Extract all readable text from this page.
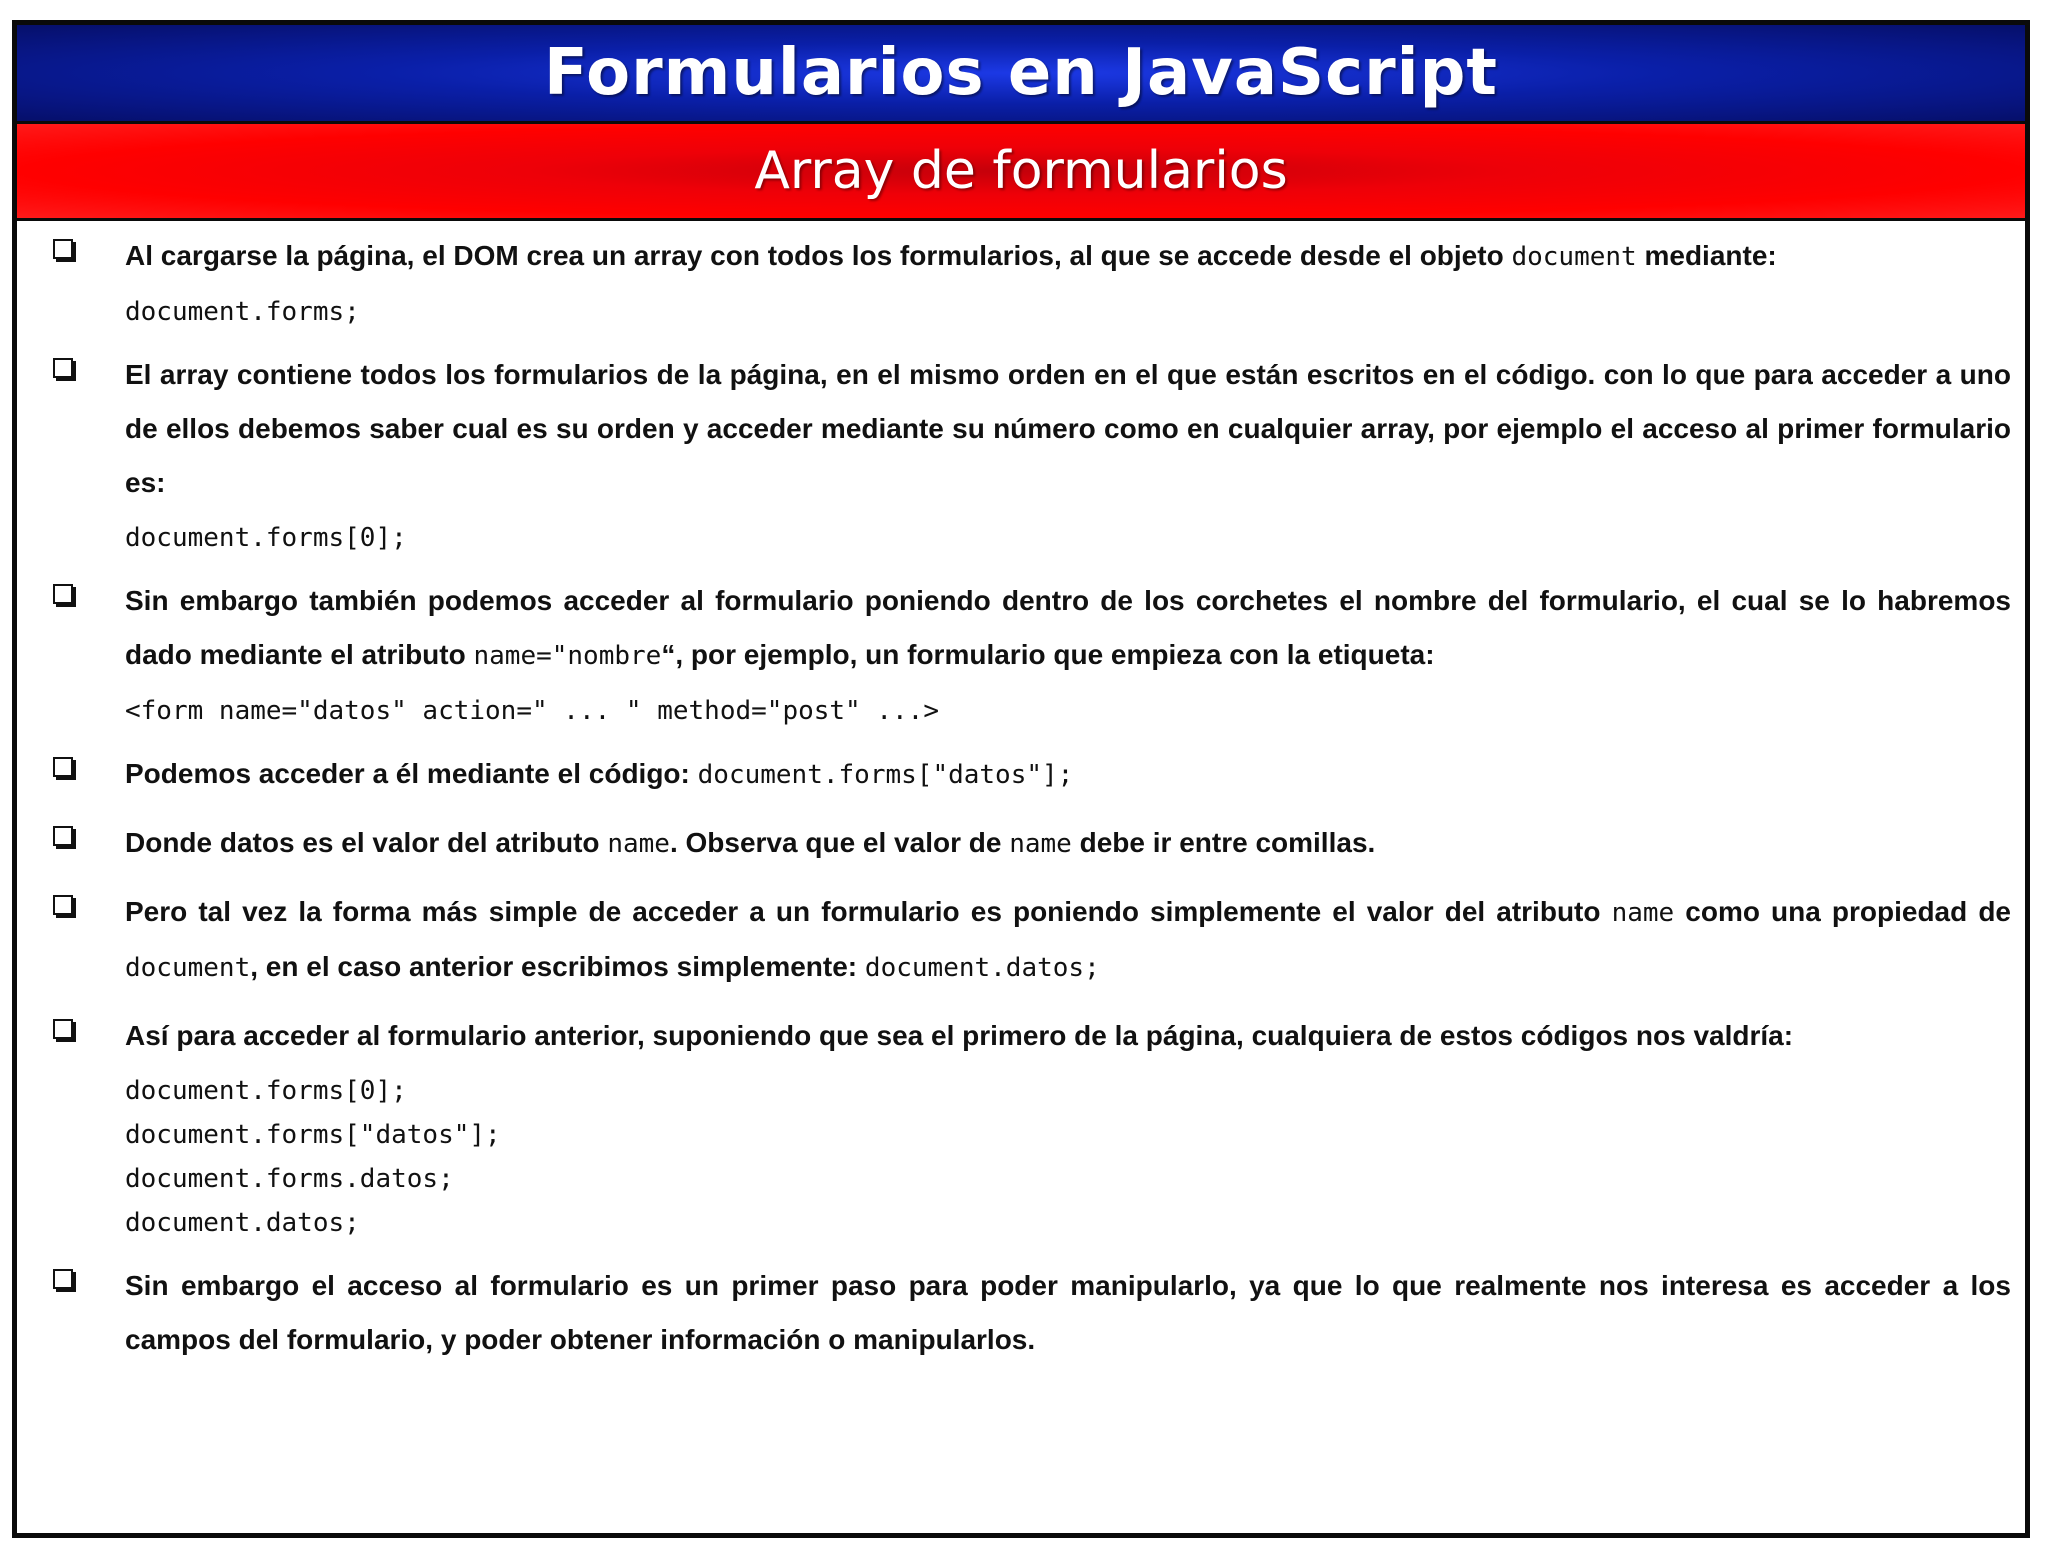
Formularios en JavaScript
Array de formularios

Al cargarse la página, el DOM crea un array con todos los formularios, al que se accede desde el objeto document mediante:

document.forms;

El array contiene todos los formularios de la página, en el mismo orden en el que están escritos en el código. con lo que para acceder a uno de ellos debemos saber cual es su orden y acceder mediante su número como en cualquier array, por ejemplo el acceso al primer formulario es:

document.forms[0];

Sin embargo también podemos acceder al formulario poniendo dentro de los corchetes el nombre del formulario, el cual se lo habremos dado mediante el atributo name="nombre“, por ejemplo, un formulario que empieza con la etiqueta:

<form name="datos" action=" ... " method="post" ...>

Podemos acceder a él mediante el código: document.forms["datos"];

Donde datos es el valor del atributo name. Observa que el valor de name debe ir entre comillas.

Pero tal vez la forma más simple de acceder a un formulario es poniendo simplemente el valor del atributo name como una propiedad de document, en el caso anterior escribimos simplemente: document.datos;

Así para acceder al formulario anterior, suponiendo que sea el primero de la página, cualquiera de estos códigos nos valdría:

document.forms[0];
document.forms["datos"];
document.forms.datos;
document.datos;

Sin embargo el acceso al formulario es un primer paso para poder manipularlo, ya que lo que realmente nos interesa es acceder a los campos del formulario, y poder obtener información o manipularlos.
